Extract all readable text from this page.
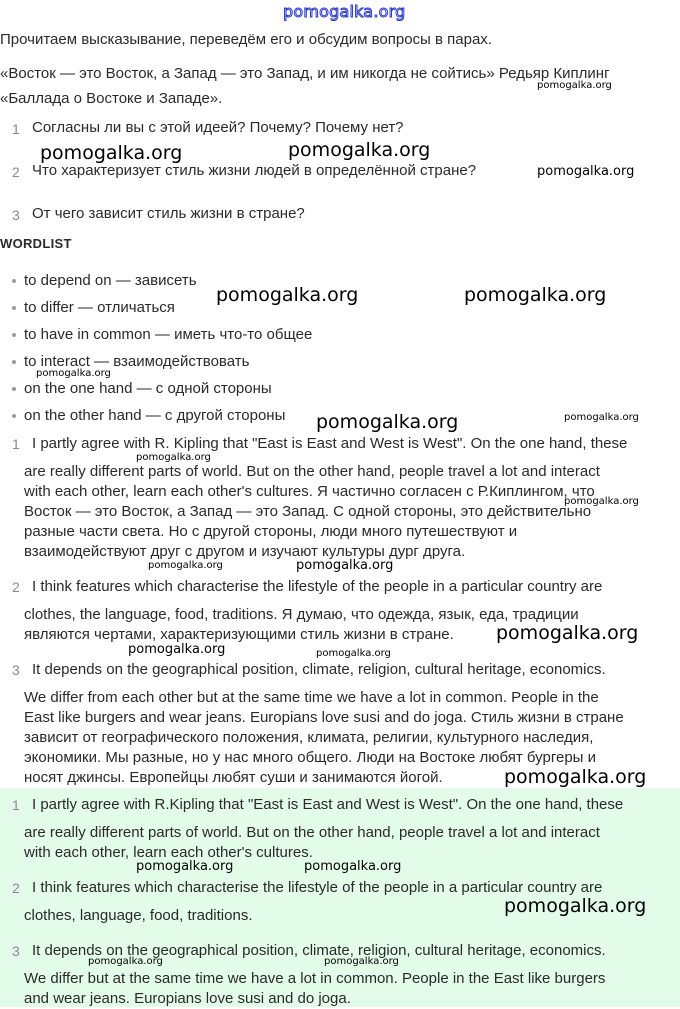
pomogalka.org
Прочитаем высказывание, переведём его и обсудим вопросы в парах.
«Восток — это Восток, а Запад — это Запад, и им никогда не сойтись» Редьяр Киплинг
«Баллада о Востоке и Западе».
1 Согласны ли вы с этой идеей? Почему? Почему нет?
2 Что характеризует стиль жизни людей в определённой стране?
3 От чего зависит стиль жизни в стране?
WORDLIST
to depend on — зависеть
to differ — отличаться
to have in common — иметь что-то общее
to interact — взаимодействовать
on the one hand — с одной стороны
on the other hand — с другой стороны
1 I partly agree with R. Kipling that "East is East and West is West". On the one hand, these
are really different parts of world. But on the other hand, people travel a lot and interact
with each other, learn each other's cultures. Я частично согласен с Р.Киплингом, что
Восток — это Восток, а Запад — это Запад. С одной стороны, это действительно
разные части света. Но с другой стороны, люди много путешествуют и
взаимодействуют друг с другом и изучают культуры дург друга.
2 I think features which characterise the lifestyle of the people in a particular country are
clothes, the language, food, traditions. Я думаю, что одежда, язык, еда, традиции
являются чертами, характеризующими стиль жизни в стране.
3 It depends on the geographical position, climate, religion, cultural heritage, economics.
We differ from each other but at the same time we have a lot in common. People in the
East like burgers and wear jeans. Europians love susi and do joga. Стиль жизни в стране
зависит от географического положения, климата, религии, культурного наследия,
экономики. Мы разные, но у нас много общего. Люди на Востоке любят бургеры и
носят джинсы. Европейцы любят суши и занимаются йогой.
1 I partly agree with R.Kipling that "East is East and West is West". On the one hand, these
are really different parts of world. But on the other hand, people travel a lot and interact
with each other, learn each other's cultures.
2 I think features which characterise the lifestyle of the people in a particular country are
clothes, language, food, traditions.
3 It depends on the geographical position, climate, religion, cultural heritage, economics.
We differ but at the same time we have a lot in common. People in the East like burgers
and wear jeans. Europians love susi and do joga.
pomogalka.org
pomogalka.org	pomogalka.org
pomogalka.org
pomogalka.org	pomogalka.org
pomogalka.org
pomogalka.org	pomogalka.org
pomogalka.org
pomogalka.org
pomogalka.org	pomogalka.org
pomogalka.org
pomogalka.org	pomogalka.org
pomogalka.org
pomogalka.org	pomogalka.org
pomogalka.org
pomogalka.org	pomogalka.org
